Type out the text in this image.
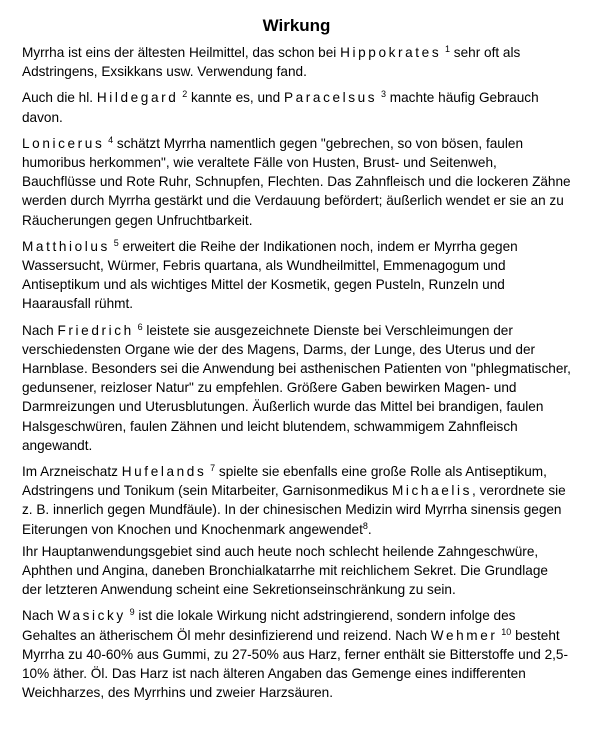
Wirkung

Myrrha ist eins der ältesten Heilmittel, das schon bei Hippokrates $^1$ sehr oft als Adstringens, Exsikkans usw. Verwendung fand.

Auch die hl. Hildegard $^2$ kannte es, und Paracelsus $^3$ machte häufig Gebrauch davon.

Lonicerus $^4$ schätzt Myrrha namentlich gegen "gebrechen, so von bösen, faulen humoribus herkommen", wie veraltete Fälle von Husten, Brust- und Seitenweh, Bauchflüsse und Rote Ruhr, Schnupfen, Flechten. Das Zahnfleisch und die lockeren Zähne werden durch Myrrha gestärkt und die Verdauung befördert; äußerlich wendet er sie an zu Räucherungen gegen Unfruchtbarkeit.

Matthiolus $^5$ erweitert die Reihe der Indikationen noch, indem er Myrrha gegen Wassersucht, Würmer, Febris quartana, als Wundheilmittel, Emmenagogum und Antiseptikum und als wichtiges Mittel der Kosmetik, gegen Pusteln, Runzeln und Haarausfall rühmt.

Nach Friedrich $^6$ leistete sie ausgezeichnete Dienste bei Verschleimungen der verschiedensten Organe wie der des Magens, Darms, der Lunge, des Uterus und der Harnblase. Besonders sei die Anwendung bei asthenischen Patienten von "phlegmatischer, gedunsener, reizloser Natur" zu empfehlen. Größere Gaben bewirken Magen- und Darmreizungen und Uterusblutungen. Äußerlich wurde das Mittel bei brandigen, faulen Halsgeschwüren, faulen Zähnen und leicht blutendem, schwammigem Zahnfleisch angewandt.

Im Arzneischatz Hufelands $^7$ spielte sie ebenfalls eine große Rolle als Antiseptikum, Adstringens und Tonikum (sein Mitarbeiter, Garnisonmedikus Michaelis, verordnete sie z. B. innerlich gegen Mundfäule). In der chinesischen Medizin wird Myrrha sinensis gegen Eiterungen von Knochen und Knochenmark angewendet$^8$.

Ihr Hauptanwendungsgebiet sind auch heute noch schlecht heilende Zahngeschwüre, Aphthen und Angina, daneben Bronchialkatarrhe mit reichlichem Sekret. Die Grundlage der letzteren Anwendung scheint eine Sekretionseinschränkung zu sein.

Nach Wasicky $^9$ ist die lokale Wirkung nicht adstringierend, sondern infolge des Gehaltes an ätherischem Öl mehr desinfizierend und reizend. Nach Wehmer $^{10}$ besteht Myrrha zu 40-60% aus Gummi, zu 27-50% aus Harz, ferner enthält sie Bitterstoffe und 2,5-10% äther. Öl. Das Harz ist nach älteren Angaben das Gemenge eines indifferenten Weichharzes, des Myrrhins und zweier Harzsäuren.
